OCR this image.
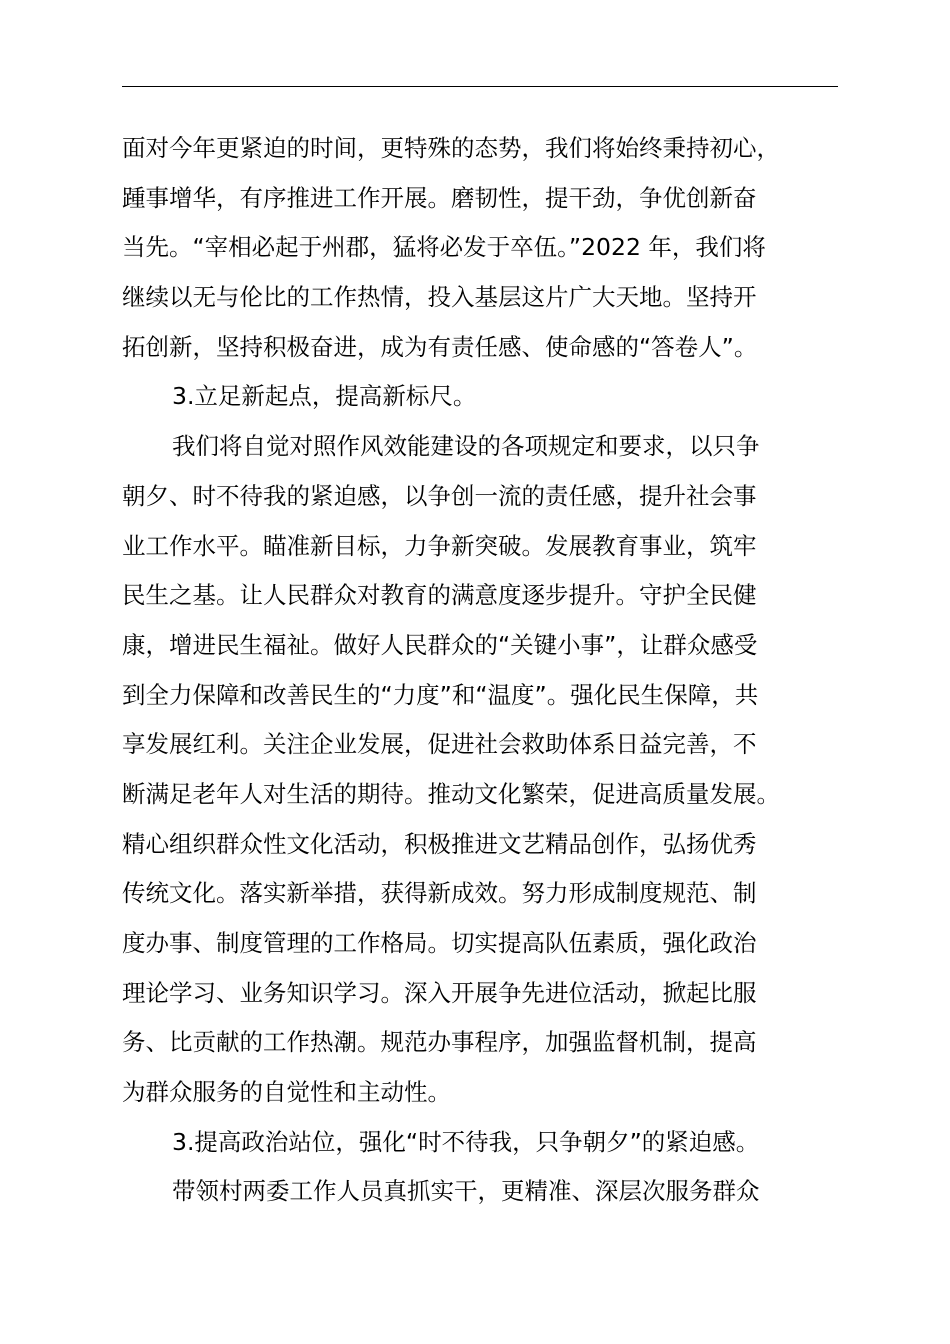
面对今年更紧迫的时间，更特殊的态势，我们将始终秉持初心，
踵事增华，有序推进工作开展。磨韧性，提干劲，争优创新奋
当先。“宰相必起于州郡，猛将必发于卒伍。”2022 年，我们将
继续以无与伦比的工作热情，投入基层这片广大天地。坚持开
拓创新，坚持积极奋进，成为有责任感、使命感的“答卷人”。
3.立足新起点，提高新标尺。
我们将自觉对照作风效能建设的各项规定和要求，以只争
朝夕、时不待我的紧迫感，以争创一流的责任感，提升社会事
业工作水平。瞄准新目标，力争新突破。发展教育事业，筑牢
民生之基。让人民群众对教育的满意度逐步提升。守护全民健
康，增进民生福祉。做好人民群众的“关键小事”，让群众感受
到全力保障和改善民生的“力度”和“温度”。强化民生保障，共
享发展红利。关注企业发展，促进社会救助体系日益完善，不
断满足老年人对生活的期待。推动文化繁荣，促进高质量发展。
精心组织群众性文化活动，积极推进文艺精品创作，弘扬优秀
传统文化。落实新举措，获得新成效。努力形成制度规范、制
度办事、制度管理的工作格局。切实提高队伍素质，强化政治
理论学习、业务知识学习。深入开展争先进位活动，掀起比服
务、比贡献的工作热潮。规范办事程序，加强监督机制，提高
为群众服务的自觉性和主动性。
3.提高政治站位，强化“时不待我，只争朝夕”的紧迫感。
带领村两委工作人员真抓实干，更精准、深层次服务群众
